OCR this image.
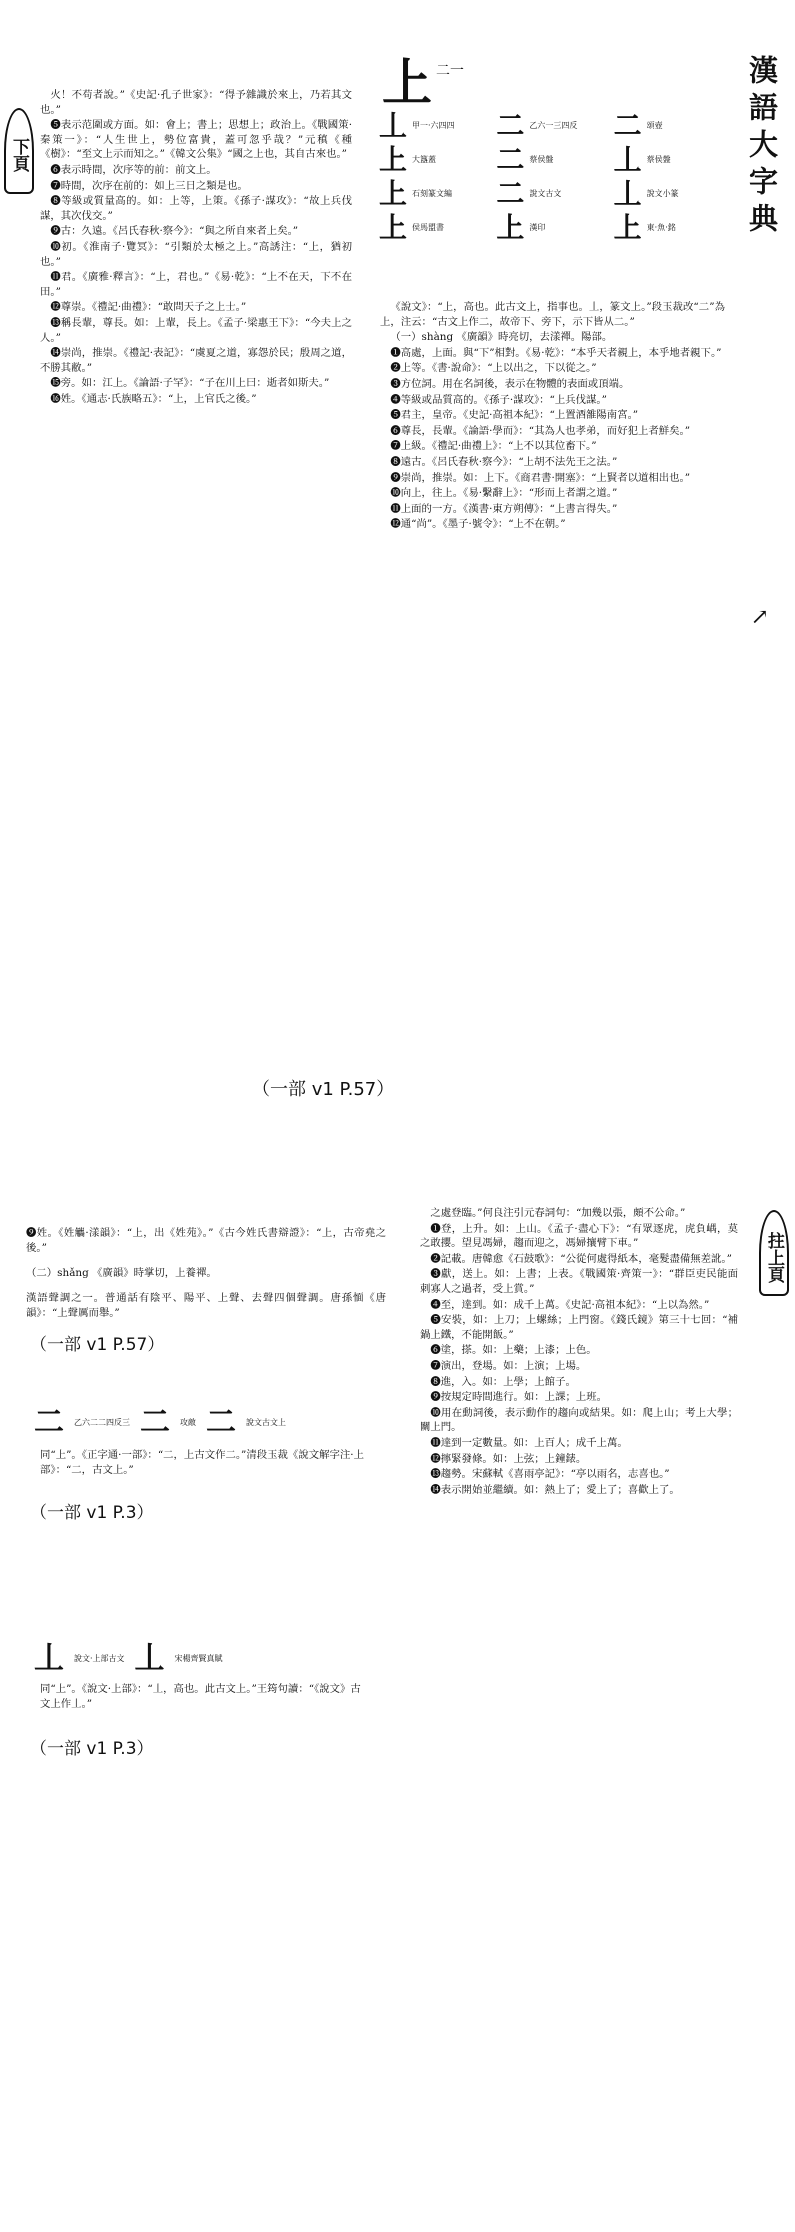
下頁	漢語大字典

火！不苟者說。”《史記·孔子世家》：“得予雜識於來上，乃若其文也。”

❺表示范圍或方面。如：會上；書上；思想上；政治上。《戰國策·秦策一》：“人生世上，勢位富貴，蓋可忽乎哉？”元稹《種《樹》：“至文上示而知之。”《韓文公集》“國之上也，其自古來也。”

❻表示時間，次序等的前：前文上。

❼時間，次序在前的：如上三日之類是也。

❽等級或質量高的。如：上等，上策。《孫子·謀攻》：“故上兵伐謀，其次伐交。”

❾古：久遠。《呂氏春秋·察今》：“與之所自來者上矣。”

❿初。《淮南子·覽冥》：“引類於太極之上。”高誘注：“上，猶初也。”

⓫君。《廣雅·釋言》：“上，君也。”《易·乾》：“上不在天，下不在田。”

⓬尊崇。《禮記·曲禮》：“敢問天子之上士。”

⓭稱長輩，尊長。如：上輩，長上。《孟子·梁惠王下》：“今夫上之人。”

⓮崇尚，推崇。《禮記·表記》：“虞夏之道，寡怨於民；殷周之道，不勝其敝。”

⓯旁。如：江上。《論語·子罕》：“子在川上曰：逝者如斯夫。”

⓰姓。《通志·氏族略五》：“上，上官氏之後。”

上 二一
丄 甲一·六四四 二 乙六一三四反 二 頌壺
上 大簋蓋 二 蔡侯盤 丄 蔡侯盤
上 石刻篆文編 二 說文古文 丄 說文小篆
上 侯馬盟書 上 漢印 上 東·魚·銘

《說文》：“上，高也。此古文上，指事也。丄，篆文上。”段玉裁改“二”為上，注云：“古文上作二，故帝下、旁下，示下皆从二。”

（一）shàng 《廣韻》時亮切，去漾禪。陽部。

❶高處，上面。與“下”相對。《易·乾》：“本乎天者親上，本乎地者親下。”

❷上等。《書·說命》：“上以出之，下以從之。”

❸方位詞。用在名詞後，表示在物體的表面或頂端。

❹等級或品質高的。《孫子·謀攻》：“上兵伐謀。”

❺君主，皇帝。《史記·高祖本紀》：“上置酒雒陽南宮。”

❻尊長，長輩。《論語·學而》：“其為人也孝弟，而好犯上者鮮矣。”

❼上級。《禮記·曲禮上》：“上不以其位畜下。”

❽遠古。《呂氏春秋·察今》：“上胡不法先王之法。”

❾崇尚，推崇。如：上下。《商君書·開塞》：“上賢者以道相出也。”

❿向上，往上。《易·繫辭上》：“形而上者謂之道。”

⓫上面的一方。《漢書·東方朔傳》：“上書言得失。”

⓬通“尚”。《墨子·號令》：“上不在朝。”

（一部 v1 P.57）
↗

❾姓。《姓觿·漾韻》：“上，出《姓苑》。”《古今姓氏書辯證》：“上，古帝堯之後。”

（二）shǎng 《廣韻》時掌切，上養禪。

漢語聲調之一。普通話有陰平、陽平、上聲、去聲四個聲調。唐孫愐《唐韻》：“上聲厲而舉。”

（一部 v1 P.57）
二 乙六二二四反三 二 攻敵 二 說文古文上
同“上”。《正字通·一部》：“二，上古文作二。”清段玉裁《說文解字注·上部》：“二，古文上。”
（一部 v1 P.3）
丄 說文·上部古文 丄 宋楊齊賢真賦
同“上”。《說文·上部》：“丄，高也。此古文上。”王筠句讀：“《說文》古文上作丄。”
（一部 v1 P.3）
拄上頁

之處登臨。”何良注引元春詞句：“加幾以張，頗不公命。”

❶登，上升。如：上山。《孟子·盡心下》：“有眾逐虎，虎負嵎，莫之敢攖。望見馮婦，趨而迎之，馮婦攘臂下車。”

❷記載。唐韓愈《石鼓歌》：“公從何處得紙本，毫髮盡備無差訛。”

❸獻，送上。如：上書；上表。《戰國策·齊策一》：“群臣吏民能面刺寡人之過者，受上賞。”

❹至，達到。如：成千上萬。《史記·高祖本紀》：“上以為然。”

❺安裝，如：上刀；上螺絲；上門窗。《錢氏鏡》第三十七回：“補鍋上鐵，不能開飯。”

❻塗，搽。如：上藥；上漆；上色。

❼演出，登場。如：上演；上場。

❽進，入。如：上學；上館子。

❾按規定時間進行。如：上課；上班。

❿用在動詞後，表示動作的趨向或結果。如：爬上山；考上大學；關上門。

⓫達到一定數量。如：上百人；成千上萬。

⓬擰緊發條。如：上弦；上鐘錶。

⓭趨勢。宋蘇軾《喜雨亭記》：“亭以雨名，志喜也。”

⓮表示開始並繼續。如：熱上了；愛上了；喜歡上了。
